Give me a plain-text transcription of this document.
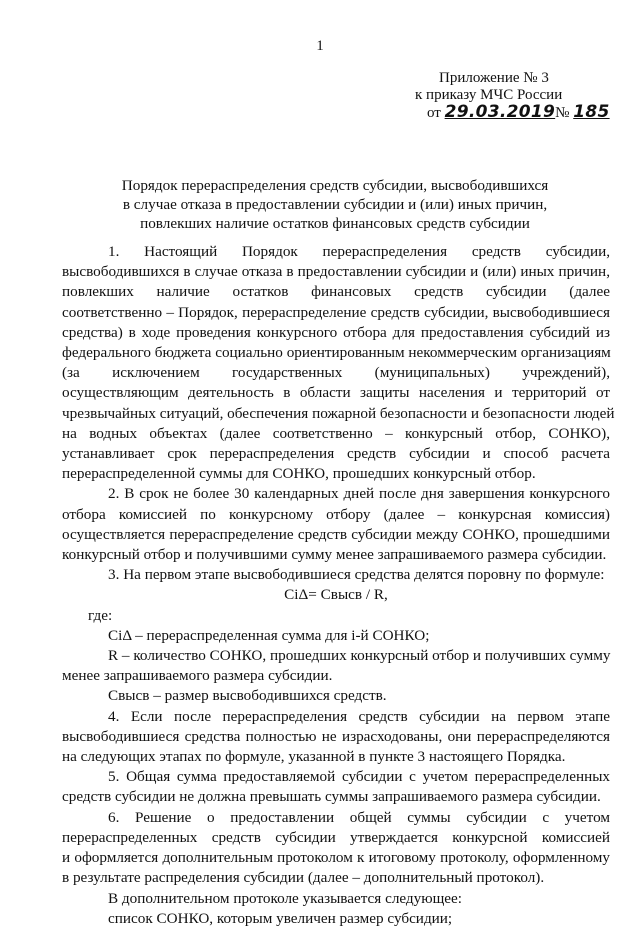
1
Приложение № 3
к приказу МЧС России
от 29.03.2019№ 185
Порядок перераспределения средств субсидии, высвободившихся
в случае отказа в предоставлении субсидии и (или) иных причин,
повлекших наличие остатков финансовых средств субсидии
1. Настоящий Порядок перераспределения средств субсидии,
высвободившихся в случае отказа в предоставлении субсидии и (или) иных причин,
повлекших наличие остатков финансовых средств субсидии (далее
соответственно – Порядок, перераспределение средств субсидии, высвободившиеся
средства) в ходе проведения конкурсного отбора для предоставления субсидий из
федерального бюджета социально ориентированным некоммерческим организациям
(за исключением государственных (муниципальных) учреждений),
осуществляющим деятельность в области защиты населения и территорий от
чрезвычайных ситуаций, обеспечения пожарной безопасности и безопасности людей
на водных объектах (далее соответственно – конкурсный отбор, СОНКО),
устанавливает срок перераспределения средств субсидии и способ расчета
перераспределенной суммы для СОНКО, прошедших конкурсный отбор.
2. В срок не более 30 календарных дней после дня завершения конкурсного
отбора комиссией по конкурсному отбору (далее – конкурсная комиссия)
осуществляется перераспределение средств субсидии между СОНКО, прошедшими
конкурсный отбор и получившими сумму менее запрашиваемого размера субсидии.
3. На первом этапе высвободившиеся средства делятся поровну по формуле:
CiΔ= Свысв / R,
где:
CiΔ – перераспределенная сумма для i-й СОНКО;
R – количество СОНКО, прошедших конкурсный отбор и получивших сумму
менее запрашиваемого размера субсидии.
Свысв – размер высвободившихся средств.
4. Если после перераспределения средств субсидии на первом этапе
высвободившиеся средства полностью не израсходованы, они перераспределяются
на следующих этапах по формуле, указанной в пункте 3 настоящего Порядка.
5. Общая сумма предоставляемой субсидии с учетом перераспределенных
средств субсидии не должна превышать суммы запрашиваемого размера субсидии.
6. Решение о предоставлении общей суммы субсидии с учетом
перераспределенных средств субсидии утверждается конкурсной комиссией
и оформляется дополнительным протоколом к итоговому протоколу, оформленному
в результате распределения субсидии (далее – дополнительный протокол).
В дополнительном протоколе указывается следующее:
список СОНКО, которым увеличен размер субсидии;
